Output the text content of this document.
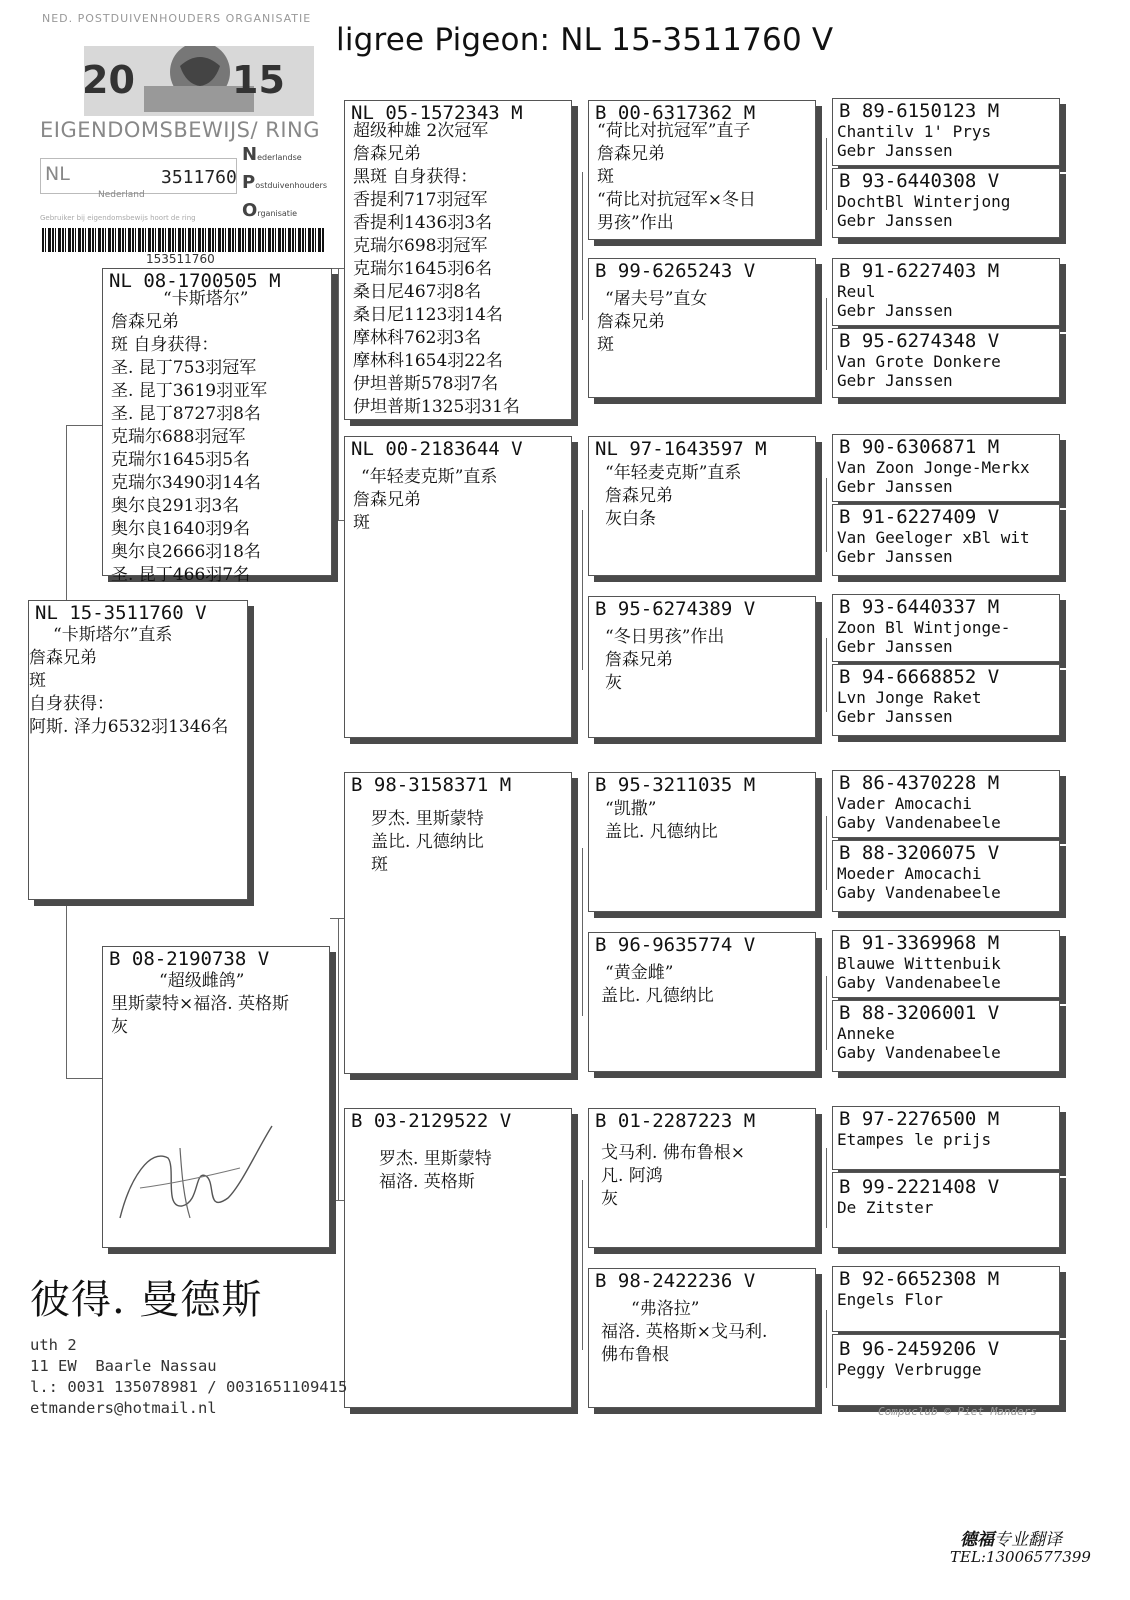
ligree Pigeon: NL 15-3511760 V
NED. POSTDUIVENHOUDERS ORGANISATIE
20	15
EIGENDOMSBEWIJS/ RING
NL	3511760
Nederland
Gebruiker bij eigendomsbewijs hoort de ring
Nederlandse
Postduivenhouders
Organisatie
153511760
NL 15-3511760 V
“卡斯塔尔”直系
詹森兄弟
斑
自身获得：
阿斯. 泽力6532羽1346名
NL 08-1700505 M
“卡斯塔尔”
詹森兄弟
斑 自身获得：
圣. 昆丁753羽冠军
圣. 昆丁3619羽亚军
圣. 昆丁8727羽8名
克瑞尔688羽冠军
克瑞尔1645羽5名
克瑞尔3490羽14名
奥尔良291羽3名
奥尔良1640羽9名
奥尔良2666羽18名
圣. 昆丁466羽7名
B 08-2190738 V
“超级雌鸽”
里斯蒙特×福洛. 英格斯
灰
NL 05-1572343 M
超级种雄 2次冠军
詹森兄弟
黑斑 自身获得：
香提利717羽冠军
香提利1436羽3名
克瑞尔698羽冠军
克瑞尔1645羽6名
桑日尼467羽8名
桑日尼1123羽14名
摩林科762羽3名
摩林科1654羽22名
伊坦普斯578羽7名
伊坦普斯1325羽31名
NL 00-2183644 V
“年轻麦克斯”直系
詹森兄弟
斑
B 98-3158371 M
罗杰. 里斯蒙特
盖比. 凡德纳比
斑
B 03-2129522 V
罗杰. 里斯蒙特
福洛. 英格斯
B 00-6317362 M
“荷比对抗冠军”直子
詹森兄弟
斑
“荷比对抗冠军×冬日
男孩”作出
B 99-6265243 V
“屠夫号”直女
詹森兄弟
斑
NL 97-1643597 M
“年轻麦克斯”直系
詹森兄弟
灰白条
B 95-6274389 V
“冬日男孩”作出
詹森兄弟
灰
B 95-3211035 M
“凯撒”
盖比. 凡德纳比
B 96-9635774 V
“黄金雌”
盖比. 凡德纳比
B 01-2287223 M
戈马利. 佛布鲁根×
凡. 阿鸿
灰
B 98-2422236 V
“弗洛拉”
福洛. 英格斯×戈马利.
佛布鲁根
B 89-6150123 M
Chantilv 1' Prys
Gebr Janssen
B 93-6440308 V
DochtBl Winterjong
Gebr Janssen
B 91-6227403 M
Reul
Gebr Janssen
B 95-6274348 V
Van Grote Donkere
Gebr Janssen
B 90-6306871 M
Van Zoon Jonge-Merkx
Gebr Janssen
B 91-6227409 V
Van Geeloger xBl wit
Gebr Janssen
B 93-6440337 M
Zoon Bl Wintjonge-
Gebr Janssen
B 94-6668852 V
Lvn Jonge Raket
Gebr Janssen
B 86-4370228 M
Vader Amocachi
Gaby Vandenabeele
B 88-3206075 V
Moeder Amocachi
Gaby Vandenabeele
B 91-3369968 M
Blauwe Wittenbuik
Gaby Vandenabeele
B 88-3206001 V
Anneke
Gaby Vandenabeele
B 97-2276500 M
Etampes le prijs
B 99-2221408 V
De Zitster
B 92-6652308 M
Engels Flor
B 96-2459206 V
Peggy Verbrugge
彼得. 曼德斯
uth 2
11 EW  Baarle Nassau
l.: 0031 135078981 / 0031651109415
etmanders@hotmail.nl	Compuclub © Piet Manders
德福专业翻译
TEL:13006577399
